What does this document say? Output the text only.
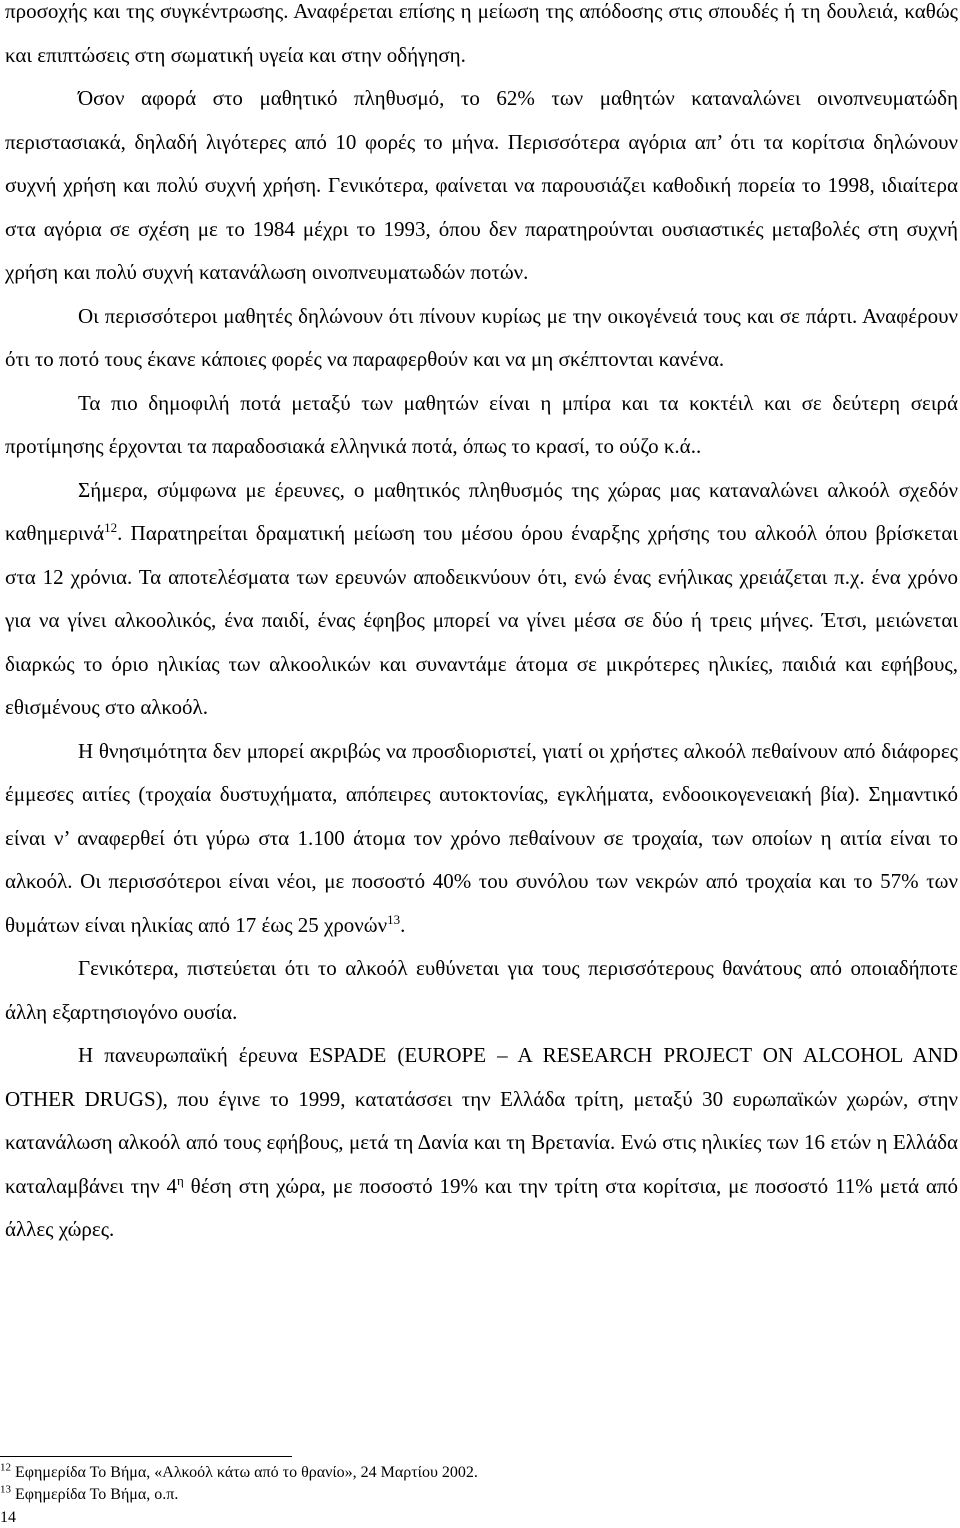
προσοχής και της συγκέντρωσης. Αναφέρεται επίσης η μείωση της απόδοσης στις σπουδές ή τη δουλειά, καθώς και επιπτώσεις στη σωματική υγεία και στην οδήγηση.

Όσον αφορά στο μαθητικό πληθυσμό, το 62% των μαθητών καταναλώνει οινοπνευματώδη περιστασιακά, δηλαδή λιγότερες από 10 φορές το μήνα. Περισσότερα αγόρια απ’ ότι τα κορίτσια δηλώνουν συχνή χρήση και πολύ συχνή χρήση. Γενικότερα, φαίνεται να παρουσιάζει καθοδική πορεία το 1998, ιδιαίτερα στα αγόρια σε σχέση με το 1984 μέχρι το 1993, όπου δεν παρατηρούνται ουσιαστικές μεταβολές στη συχνή χρήση και πολύ συχνή κατανάλωση οινοπνευματωδών ποτών.

Οι περισσότεροι μαθητές δηλώνουν ότι πίνουν κυρίως με την οικογένειά τους και σε πάρτι. Αναφέρουν ότι το ποτό τους έκανε κάποιες φορές να παραφερθούν και να μη σκέπτονται κανένα.

Τα πιο δημοφιλή ποτά μεταξύ των μαθητών είναι η μπίρα και τα κοκτέιλ και σε δεύτερη σειρά προτίμησης έρχονται τα παραδοσιακά ελληνικά ποτά, όπως το κρασί, το ούζο κ.ά..

Σήμερα, σύμφωνα με έρευνες, ο μαθητικός πληθυσμός της χώρας μας καταναλώνει αλκοόλ σχεδόν καθημερινά$^{12}$. Παρατηρείται δραματική μείωση του μέσου όρου έναρξης χρήσης του αλκοόλ όπου βρίσκεται στα 12 χρόνια. Τα αποτελέσματα των ερευνών αποδεικνύουν ότι, ενώ ένας ενήλικας χρειάζεται π.χ. ένα χρόνο για να γίνει αλκοολικός, ένα παιδί, ένας έφηβος μπορεί να γίνει μέσα σε δύο ή τρεις μήνες. Έτσι, μειώνεται διαρκώς το όριο ηλικίας των αλκοολικών και συναντάμε άτομα σε μικρότερες ηλικίες, παιδιά και εφήβους, εθισμένους στο αλκοόλ.

Η θνησιμότητα δεν μπορεί ακριβώς να προσδιοριστεί, γιατί οι χρήστες αλκοόλ πεθαίνουν από διάφορες έμμεσες αιτίες (τροχαία δυστυχήματα, απόπειρες αυτοκτονίας, εγκλήματα, ενδοοικογενειακή βία). Σημαντικό είναι ν’ αναφερθεί ότι γύρω στα 1.100 άτομα τον χρόνο πεθαίνουν σε τροχαία, των οποίων η αιτία είναι το αλκοόλ. Οι περισσότεροι είναι νέοι, με ποσοστό 40% του συνόλου των νεκρών από τροχαία και το 57% των θυμάτων είναι ηλικίας από 17 έως 25 χρονών$^{13}$.

Γενικότερα, πιστεύεται ότι το αλκοόλ ευθύνεται για τους περισσότερους θανάτους από οποιαδήποτε άλλη εξαρτησιογόνο ουσία.

Η πανευρωπαϊκή έρευνα ESPADE (EUROPE – A RESEARCH PROJECT ON ALCOHOL AND OTHER DRUGS), που έγινε το 1999, κατατάσσει την Ελλάδα τρίτη, μεταξύ 30 ευρωπαϊκών χωρών, στην κατανάλωση αλκοόλ από τους εφήβους, μετά τη Δανία και τη Βρετανία. Ενώ στις ηλικίες των 16 ετών η Ελλάδα καταλαμβάνει την $4^\eta$ θέση στη χώρα, με ποσοστό 19% και την τρίτη στα κορίτσια, με ποσοστό 11% μετά από άλλες χώρες.

$^{12}$ Εφημερίδα Το Βήμα, «Αλκοόλ κάτω από το θρανίο», 24 Μαρτίου 2002.
$^{13}$ Εφημερίδα Το Βήμα, ο.π.
14
